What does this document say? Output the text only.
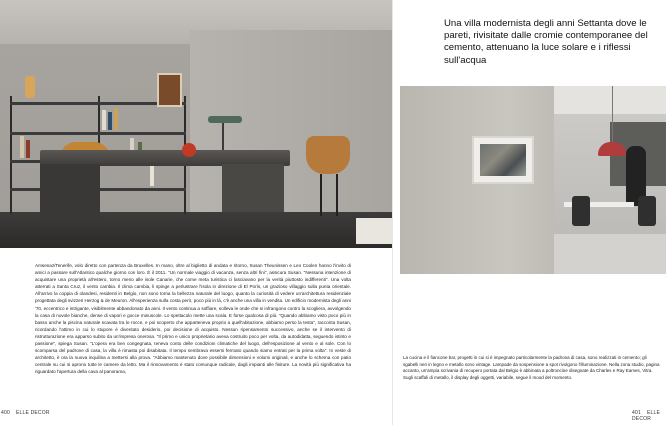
Una villa modernista degli anni Settanta dove le pareti, rivisitate dalle cromie contemporanee del cemento, attenuano la luce solare e i riflessi sull'acqua

Amsenaz/Tenerife, volo diretto con partenza da Bruxelles. In mano, oltre al biglietto di andata e ritorno, Susan Theunissen e Leo Coolen hanno l'invito di amici a passare sull'Atlantico qualche giorno con loro. È il 2011. "Un normale viaggio di vacanza, senza altri fini", assicura Susan. "Nessuna intenzione di acquistare una proprietà all'estero, torno meno alle isole Canarie, che come meta turistica ci lasciavano per la verità piuttosto indifferenti". Una volta atterrati a Santa Cruz, il vento cambia. Il clima cambia, li spinge a perlustrare l'isola in direzione di El Porís, un grazioso villaggio sulla punta orientale. All'arrivo la coppia di olandesi, residenti in Belgio, non sono torna la bellezza naturale del luogo, quanto la curiosità di vedere un'architettura residenziale progettata degli svizzeri Herzog & de Meuron. All'esperienza sulla costa però, poco più in là, c'è anche una villa in vendita. Un edificio modernista degli anni '70, eccentrico e intrigante, visibilmente abbandonato da anni. Il vento continua a soffiare, solleva le onde che si infrangono contro la scogliera, avvolgendo la casa di nuvole bianche, dense di vapori e gocce minuscole. Lo spettacolo mette una scala. E forse qualcosa di più. "Quando abbiamo visto poco più in basso anche la piscina naturale scavata tra le rocce, e poi scoperto che apparteneva proprio a quell'abitazione, abbiamo perso la testa", racconta Susan, ricordando l'attimo in cui lo stupore è diventato desiderio, poi decisione di acquisto. Nessun ripensamento successivo, anche se il intervento di ristrutturazione era apparso subito da un'impresa onerosa. "Il primo e unico proprietario aveva costruito poco per volta, da autodidatta, seguendo istinto e passione", spiega Susan. "L'opera era ben congegnata, teneva conto delle condizioni climatiche del luogo, dell'esposizione al vento e al sole. Con lo scomparsa del padrone di casa, la villa è rimasta poi disabitata. Il tempo sembrava essersi fermato quando siamo entrati per la prima volta". In veste di architetto, è ora la nuova inquilina a mettersi alla prova. "Abbiamo mantenuto dove possibile dimensioni e volumi originali, e anche lo schema con patio centrale su cui si aprono tutte le camere da letto. Ma il rinnovamento è stato comunque radicale, dagli impianti alle finiture. La novità più significativa ha riguardato l'apertura della cava al panorama,

La cucina e il fiancone bar, progetti in cui si è impegnato particolarmente la padrona di casa, sono realizzati in cemento; gli sgabelli neri in legno e metallo sono vintage. Lampade da sospensione a spot rivolgono l'illuminazione. Nella zona studio, pagina accanto, un'ampia scrivania di recupero portata dal Belgio è abbinata a poltroncine disegnate da Charles e Ray Eames, Vitra. Sugli scaffali di metallo, il display degli oggetti, variabile, segue il mood del momento.

400 ELLE DECOR	401 ELLE DECOR
